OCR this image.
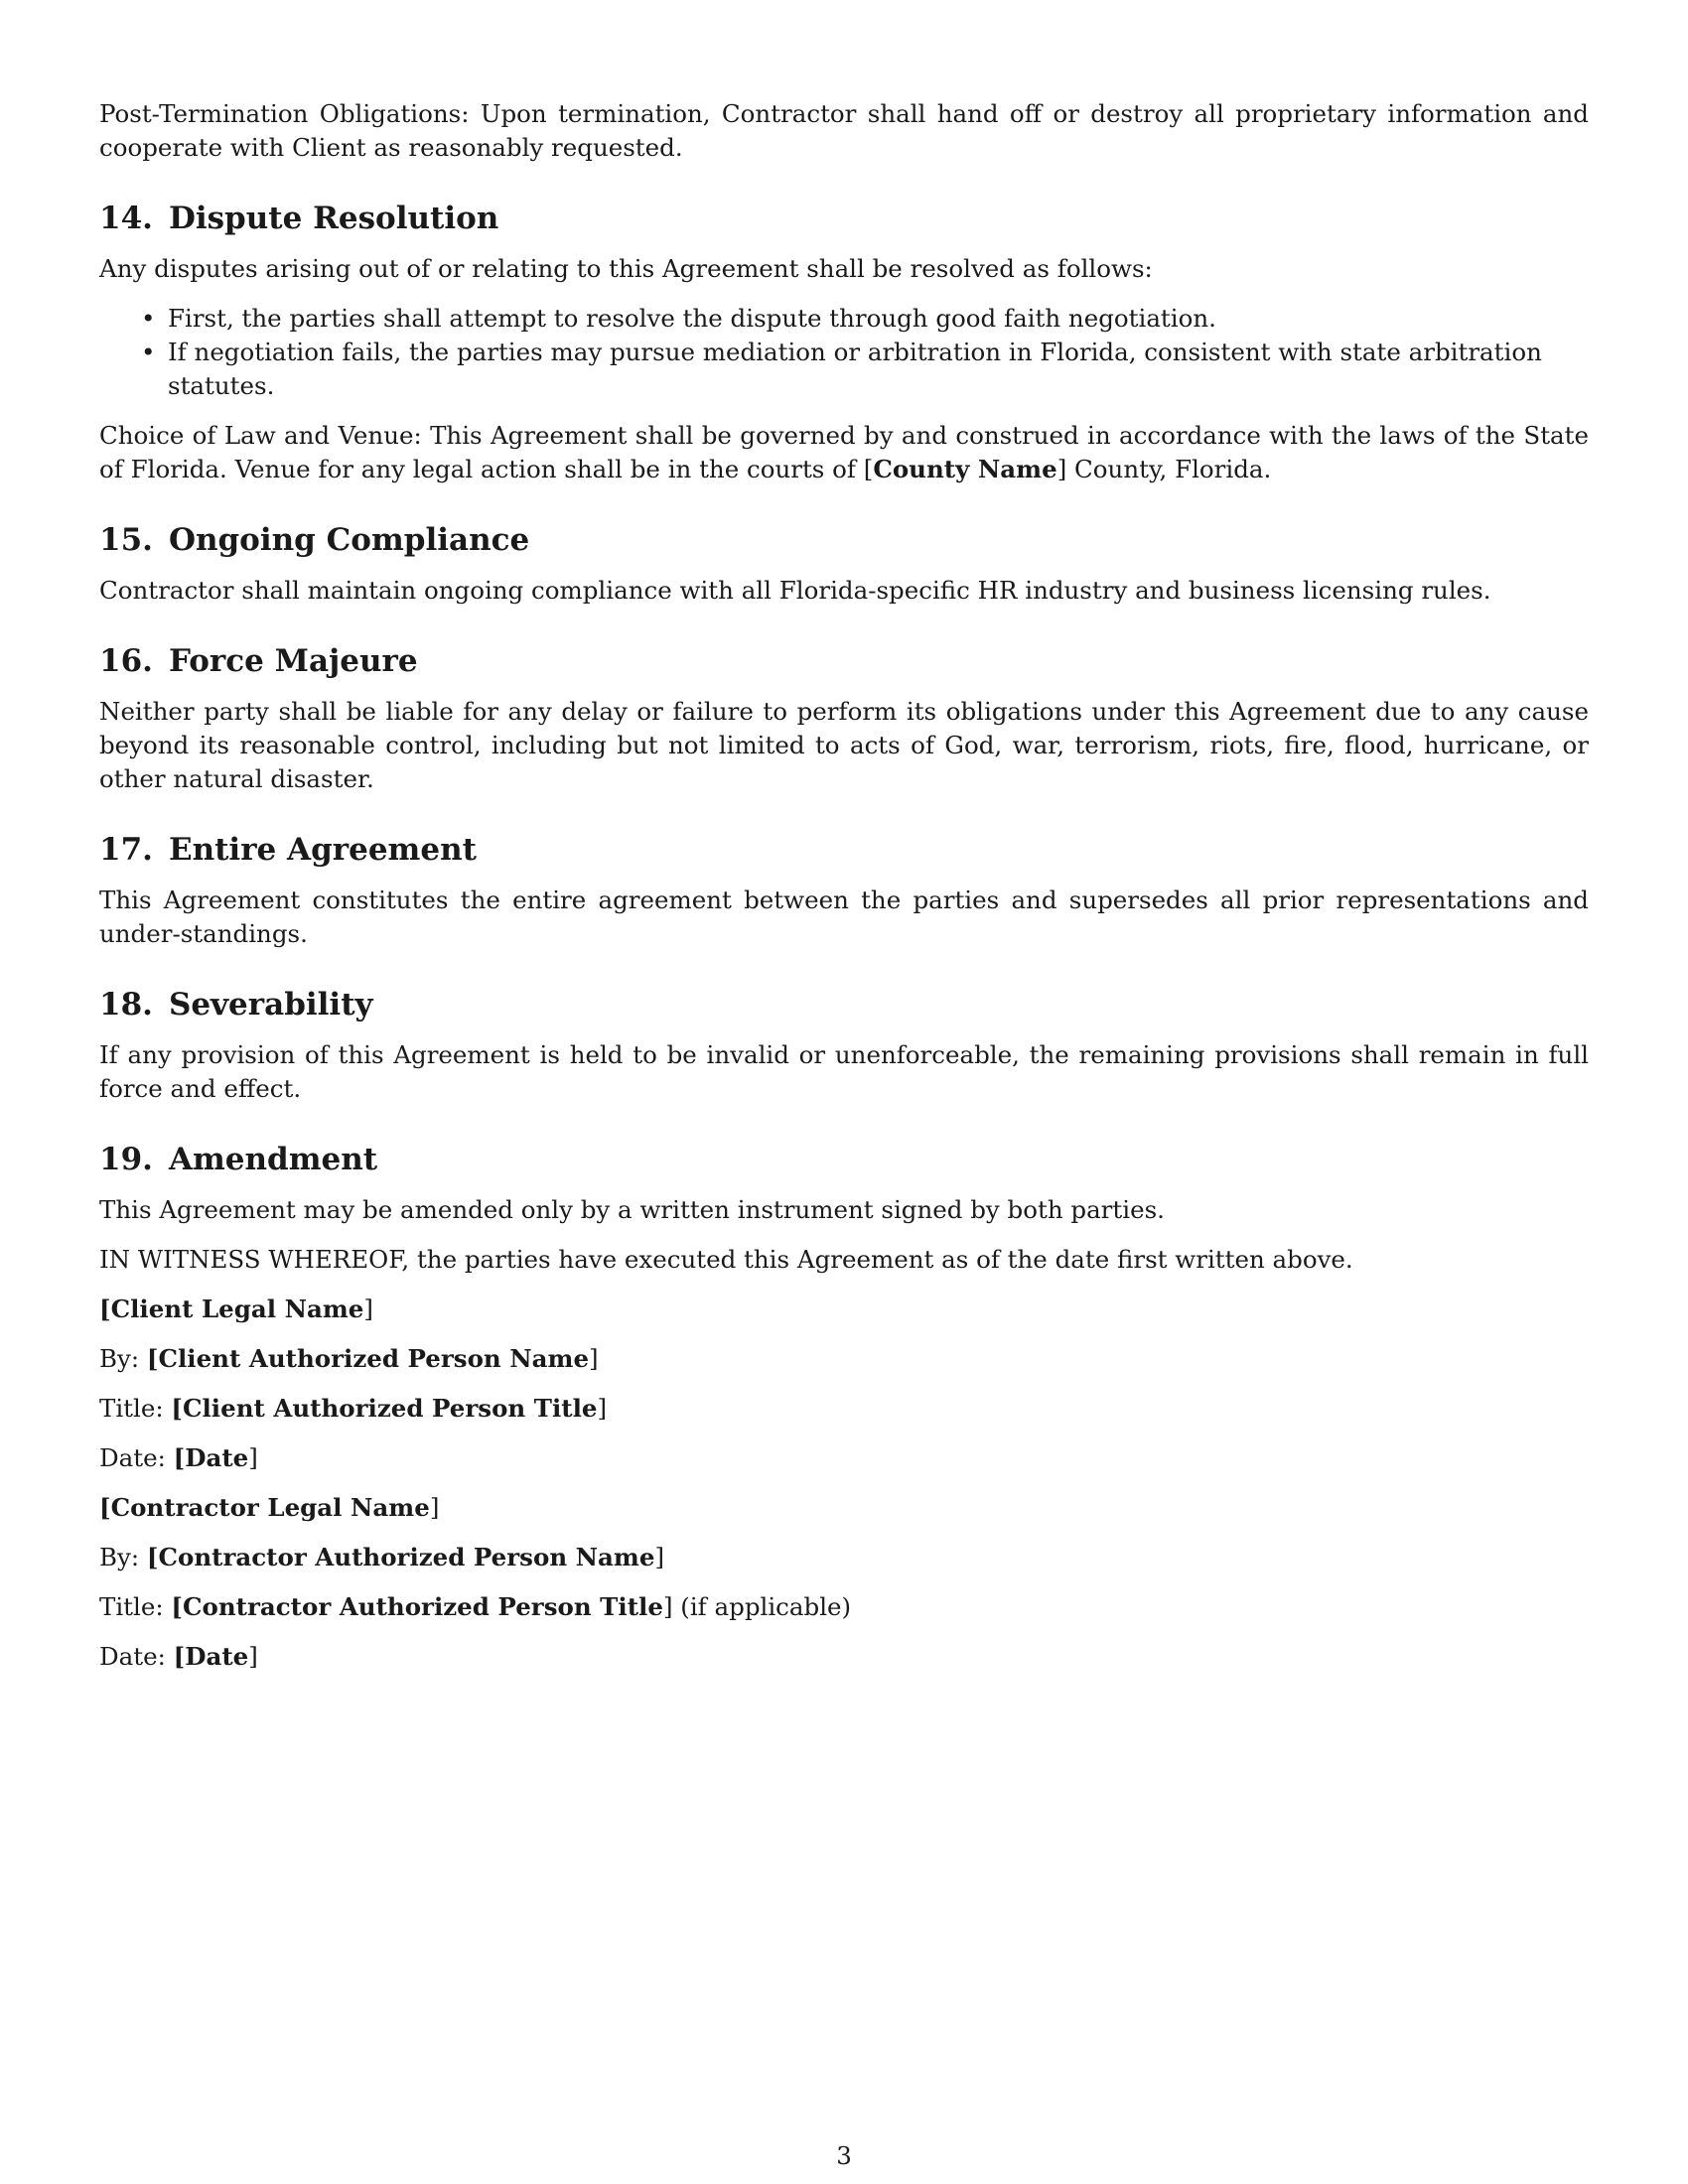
Post-Termination Obligations: Upon termination, Contractor shall hand off or destroy all proprietary information and cooperate with Client as reasonably requested.

14. Dispute Resolution

Any disputes arising out of or relating to this Agreement shall be resolved as follows:

• First, the parties shall attempt to resolve the dispute through good faith negotiation.
• If negotiation fails, the parties may pursue mediation or arbitration in Florida, consistent with state arbitration statutes.

Choice of Law and Venue: This Agreement shall be governed by and construed in accordance with the laws of the State of Florida. Venue for any legal action shall be in the courts of [County Name] County, Florida.

15. Ongoing Compliance

Contractor shall maintain ongoing compliance with all Florida-specific HR industry and business licensing rules.

16. Force Majeure

Neither party shall be liable for any delay or failure to perform its obligations under this Agreement due to any cause beyond its reasonable control, including but not limited to acts of God, war, terrorism, riots, fire, flood, hurricane, or other natural disaster.

17. Entire Agreement

This Agreement constitutes the entire agreement between the parties and supersedes all prior representations and under-standings.

18. Severability

If any provision of this Agreement is held to be invalid or unenforceable, the remaining provisions shall remain in full force and effect.

19. Amendment

This Agreement may be amended only by a written instrument signed by both parties.

IN WITNESS WHEREOF, the parties have executed this Agreement as of the date first written above.

[Client Legal Name]

By: [Client Authorized Person Name]

Title: [Client Authorized Person Title]

Date: [Date]

[Contractor Legal Name]

By: [Contractor Authorized Person Name]

Title: [Contractor Authorized Person Title] (if applicable)

Date: [Date]

3
